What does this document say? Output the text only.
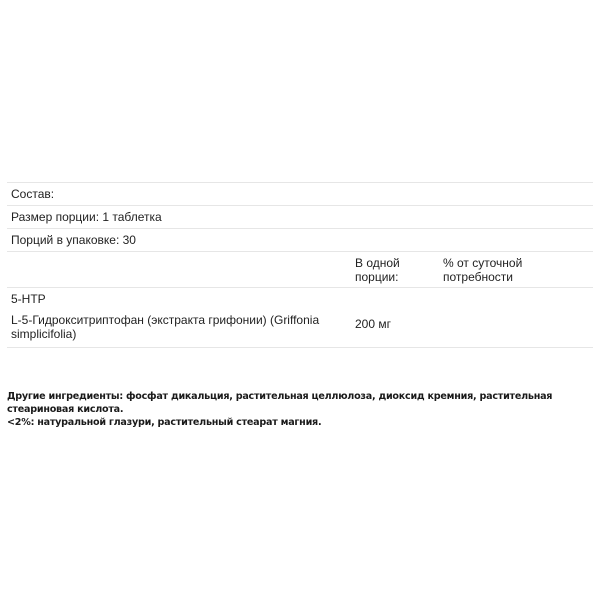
Состав:
Размер порции: 1 таблетка
Порций в упаковке: 30
В одной порции:
% от суточной потребности
5-HTP
L-5-Гидрокситриптофан (экстракта грифонии) (Griffonia simplicifolia)
200 мг
Другие ингредиенты: фосфат дикальция, растительная целлюлоза, диоксид кремния, растительная стеариновая кислота.
<2%: натуральной глазури, растительный стеарат магния.
